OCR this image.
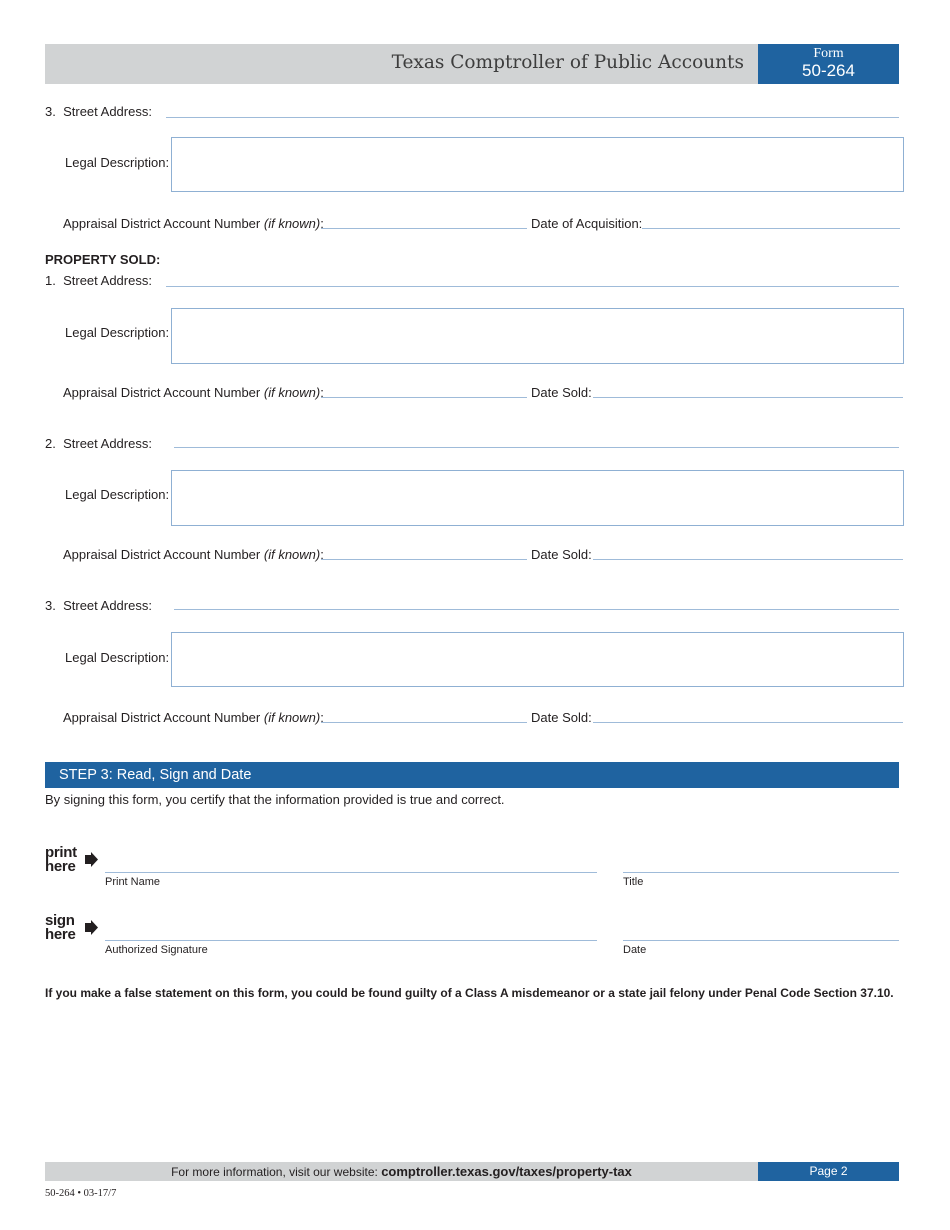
Texas Comptroller of Public Accounts	Form
50-264
3. Street Address:
Legal Description:
Appraisal District Account Number (if known):	Date of Acquisition:
PROPERTY SOLD:
1. Street Address:
Legal Description:
Appraisal District Account Number (if known):	Date Sold:
2. Street Address:
Legal Description:
Appraisal District Account Number (if known):	Date Sold:
3. Street Address:
Legal Description:
Appraisal District Account Number (if known):	Date Sold:
STEP 3: Read, Sign and Date
By signing this form, you certify that the information provided is true and correct.
print
here
Print Name	Title
sign
here
Authorized Signature	Date
If you make a false statement on this form, you could be found guilty of a Class A misdemeanor or a state jail felony under Penal Code Section 37.10.
For more information, visit our website: comptroller.texas.gov/taxes/property-tax	Page 2
50-264 • 03-17/7
